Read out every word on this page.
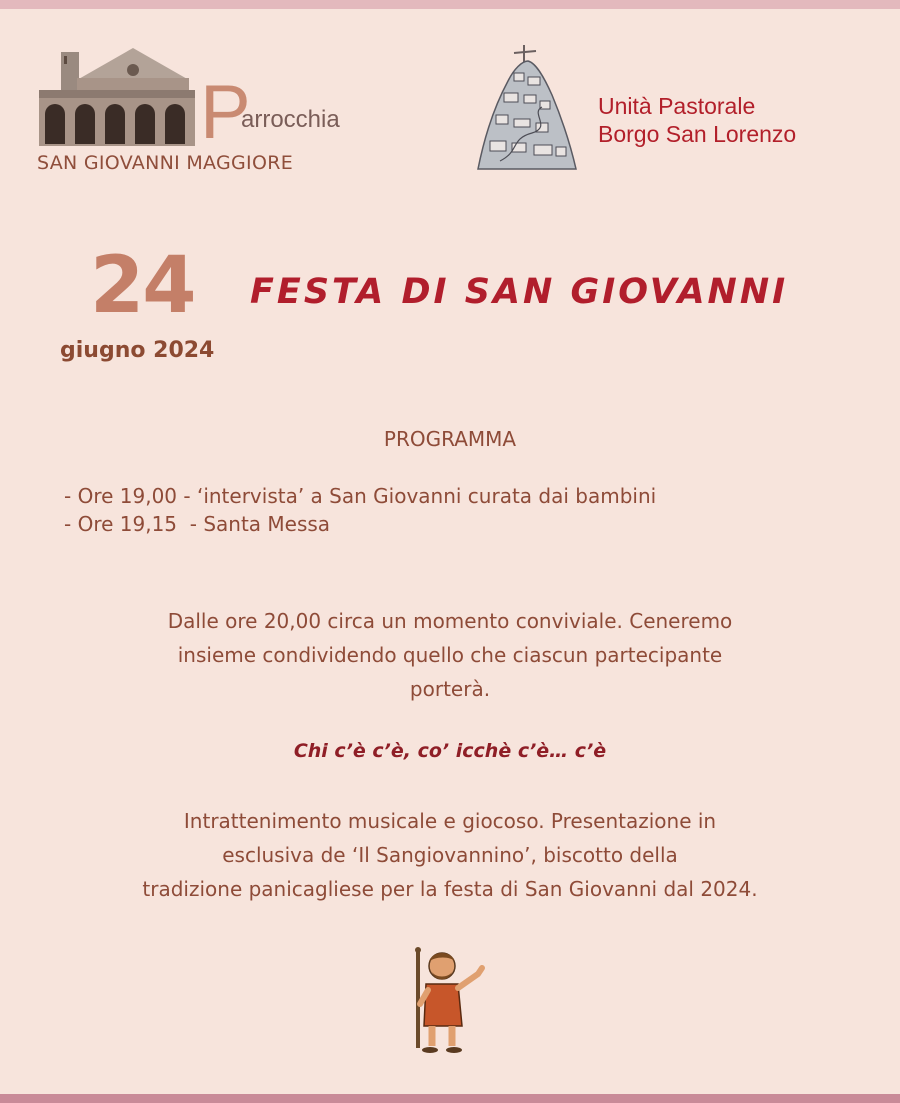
P
arrocchia
SAN GIOVANNI MAGGIORE
Unità Pastorale
Borgo San Lorenzo
24
giugno 2024
FESTA DI SAN GIOVANNI
PROGRAMMA
- Ore 19,00 - ‘intervista’ a San Giovanni curata dai bambini
- Ore 19,15  - Santa Messa
Dalle ore 20,00 circa un momento conviviale. Ceneremo
insieme condividendo quello che ciascun partecipante
porterà.
Chi c’è c’è, co’ icchè c’è… c’è
Intrattenimento musicale e giocoso. Presentazione in
esclusiva de ‘Il Sangiovannino’, biscotto della
tradizione panicagliese per la festa di San Giovanni dal 2024.
